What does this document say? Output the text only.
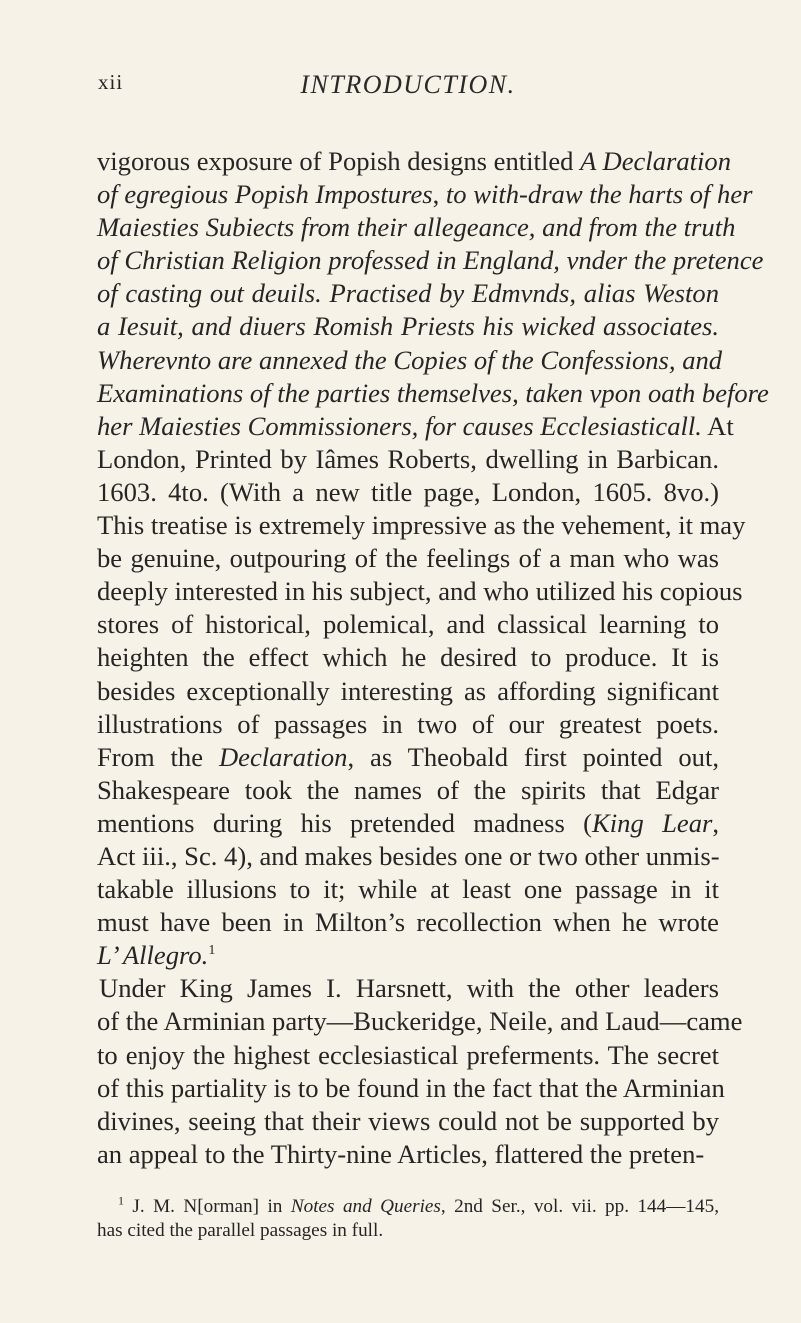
xii	INTRODUCTION.
vigorous exposure of Popish designs entitled A Declaration
of egregious Popish Impostures, to with-draw the harts of her
Maiesties Subiects from their allegeance, and from the truth
of Christian Religion professed in England, vnder the pretence
of casting out deuils. Practised by Edmvnds, alias Weston
a Iesuit, and diuers Romish Priests his wicked associates.
Wherevnto are annexed the Copies of the Confessions, and
Examinations of the parties themselves, taken vpon oath before
her Maiesties Commissioners, for causes Ecclesiasticall. At
London, Printed by Iâmes Roberts, dwelling in Barbican.
1603. 4to. (With a new title page, London, 1605. 8vo.)
This treatise is extremely impressive as the vehement, it may
be genuine, outpouring of the feelings of a man who was
deeply interested in his subject, and who utilized his copious
stores of historical, polemical, and classical learning to
heighten the effect which he desired to produce. It is
besides exceptionally interesting as affording significant
illustrations of passages in two of our greatest poets.
From the Declaration, as Theobald first pointed out,
Shakespeare took the names of the spirits that Edgar
mentions during his pretended madness (King Lear,
Act iii., Sc. 4), and makes besides one or two other unmis-
takable illusions to it; while at least one passage in it
must have been in Milton’s recollection when he wrote
L’ Allegro.$^1$
Under King James I. Harsnett, with the other leaders
of the Arminian party—Buckeridge, Neile, and Laud—came
to enjoy the highest ecclesiastical preferments. The secret
of this partiality is to be found in the fact that the Arminian
divines, seeing that their views could not be supported by
an appeal to the Thirty-nine Articles, flattered the preten-
$^1$ J. M. N[orman] in Notes and Queries, 2nd Ser., vol. vii. pp. 144—145,
has cited the parallel passages in full.
